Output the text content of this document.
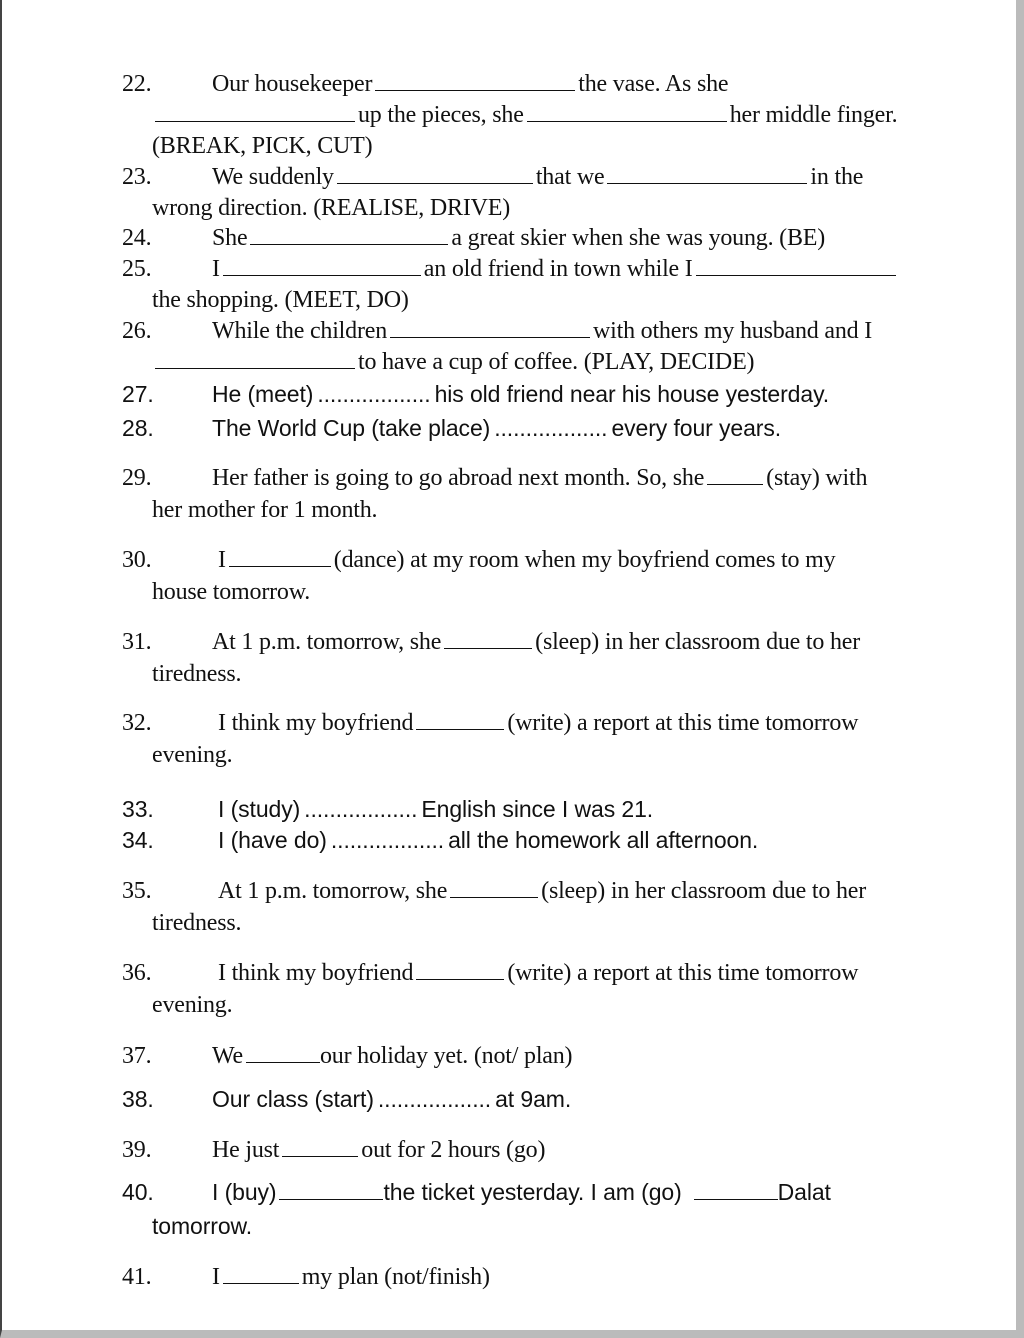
22.	Our housekeeper	the vase. As she
up the pieces, she	her middle finger.
(BREAK, PICK, CUT)
23.	We suddenly	that we	in the
wrong direction. (REALISE, DRIVE)
24.	She	a great skier when she was young. (BE)
25.	I	an old friend in town while I
the shopping. (MEET, DO)
26.	While the children	with others my husband and I
to have a cup of coffee. (PLAY, DECIDE)
27.	He (meet) .................. his old friend near his house yesterday.
28.	The World Cup (take place) .................. every four years.
29.	Her father is going to go abroad next month. So, she	(stay) with
her mother for 1 month.
30.	I	(dance) at my room when my boyfriend comes to my
house tomorrow.
31.	At 1 p.m. tomorrow, she	(sleep) in her classroom due to her
tiredness.
32.	I think my boyfriend	(write) a report at this time tomorrow
evening.
33.	I (study) .................. English since I was 21.
34.	I (have do) .................. all the homework all afternoon.
35.	At 1 p.m. tomorrow, she	(sleep) in her classroom due to her
tiredness.
36.	I think my boyfriend	(write) a report at this time tomorrow
evening.
37.	We	our holiday yet. (not/ plan)
38.	Our class (start) .................. at 9am.
39.	He just	out for 2 hours (go)
40.	I (buy)	the ticket yesterday. I am (go)	Dalat
tomorrow.
41.	I	my plan (not/finish)
